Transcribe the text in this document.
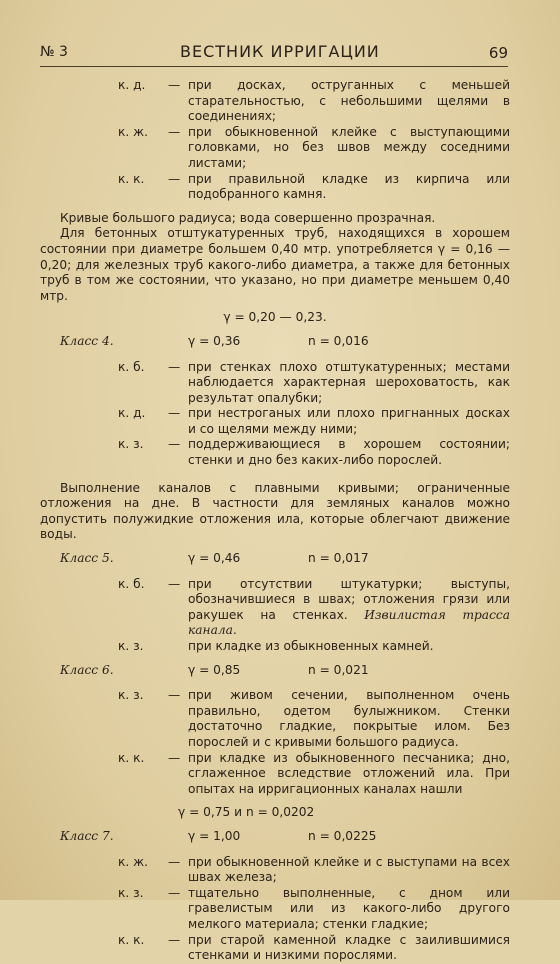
№ 3	ВЕСТНИК ИРРИГАЦИИ	69
к. д.	— при досках, оструганных с меньшей старательностью, с небольшими щелями в соединениях;
к. ж.	— при обыкновенной клейке с выступающими головками, но без швов между соседними листами;
к. к.	— при правильной кладке из кирпича или подобранного камня.

Кривые большого радиуса; вода совершенно прозрачная.

Для бетонных отштукатуренных труб, находящихся в хорошем состоянии при диаметре большем 0,40 мтр. употребляется γ = 0,16 — 0,20; для железных труб какого-либо диаметра, а также для бетонных труб в том же состоянии, что указано, но при диаметре меньшем 0,40 мтр.

γ = 0,20 — 0,23.
Класс 4.	γ = 0,36	n = 0,016
к. б.	— при стенках плохо отштукатуренных; местами наблюдается характерная шероховатость, как результат опалубки;
к. д.	— при нестроганых или плохо пригнанных досках и со щелями между ними;
к. з.	— поддерживающиеся в хорошем состоянии; стенки и дно без каких-либо порослей.

Выполнение каналов с плавными кривыми; ограниченные отложения на дне. В частности для земляных каналов можно допустить полужидкие отложения ила, которые облегчают движение воды.

Класс 5.	γ = 0,46	n = 0,017
к. б.	— при отсутствии штукатурки; выступы, обозначившиеся в швах; отложения грязи или ракушек на стенках. Извилистая трасса канала.
к. з.	при кладке из обыкновенных камней.
Класс 6.	γ = 0,85	n = 0,021
к. з.	— при живом сечении, выполненном очень правильно, одетом булыжником. Стенки достаточно гладкие, покрытые илом. Без порослей и с кривыми большого радиуса.
к. к.	— при кладке из обыкновенного песчаника; дно, сглаженное вследствие отложений ила. При опытах на ирригационных каналах нашли
γ = 0,75 и n = 0,0202
Класс 7.	γ = 1,00	n = 0,0225
к. ж.	— при обыкновенной клейке и с выступами на всех швах железа;
к. з.	— тщательно выполненные, с дном или гравелистым или из какого-либо другого мелкого материала; стенки гладкие;
к. к.	— при старой каменной кладке с заилившимися стенками и низкими порослями.
